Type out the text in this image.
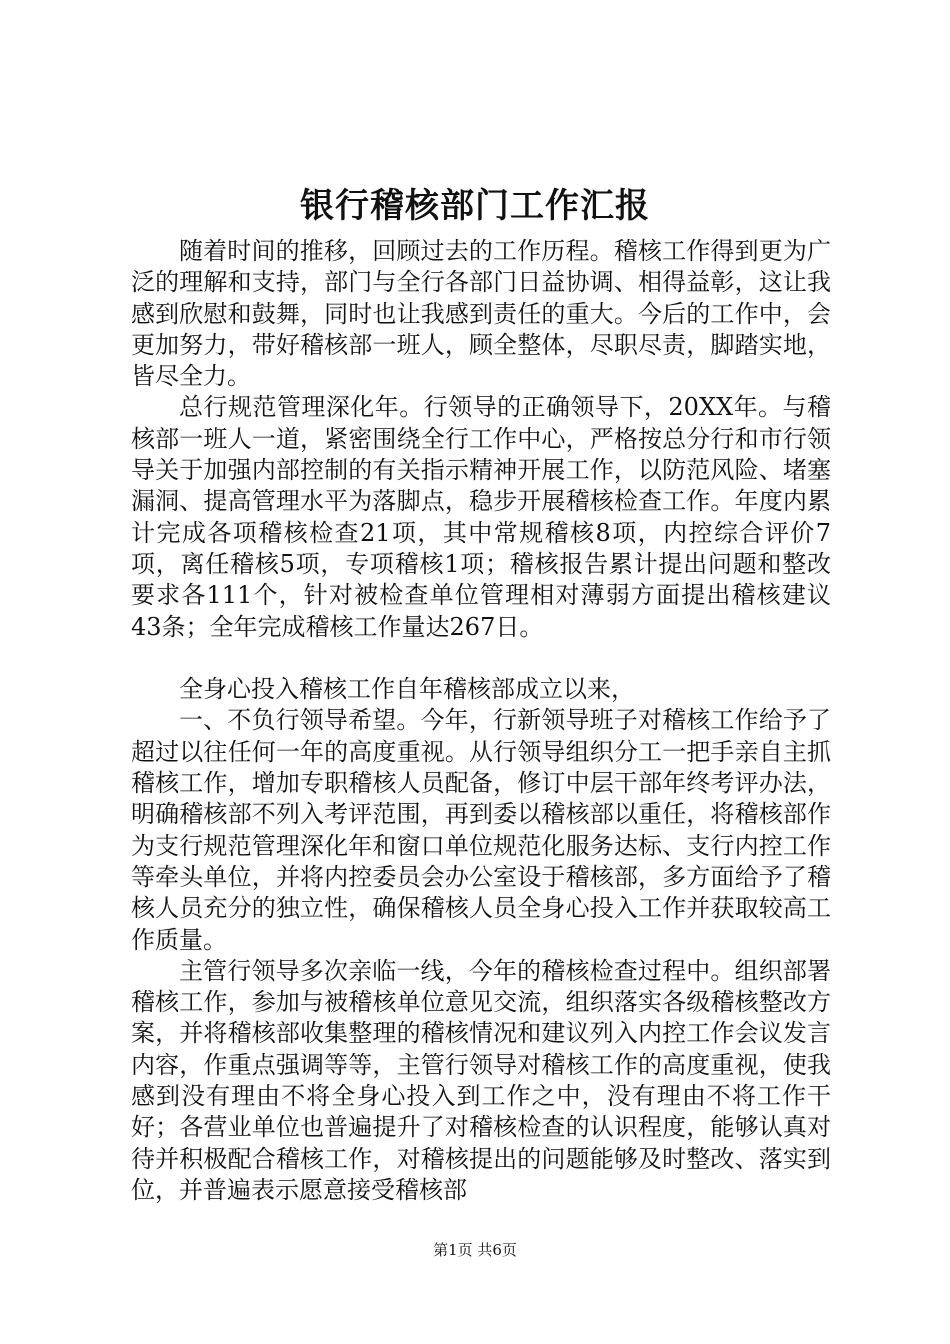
银行稽核部门工作汇报

随着时间的推移，回顾过去的工作历程。稽核工作得到更为广泛的理解和支持，部门与全行各部门日益协调、相得益彰，这让我感到欣慰和鼓舞，同时也让我感到责任的重大。今后的工作中，会更加努力，带好稽核部一班人，顾全整体，尽职尽责，脚踏实地，皆尽全力。

总行规范管理深化年。行领导的正确领导下，20XX年。与稽核部一班人一道，紧密围绕全行工作中心，严格按总分行和市行领导关于加强内部控制的有关指示精神开展工作，以防范风险、堵塞漏洞、提高管理水平为落脚点，稳步开展稽核检查工作。年度内累计完成各项稽核检查21项，其中常规稽核8项，内控综合评价7项，离任稽核5项，专项稽核1项；稽核报告累计提出问题和整改要求各111个，针对被检查单位管理相对薄弱方面提出稽核建议43条；全年完成稽核工作量达267日。

全身心投入稽核工作自年稽核部成立以来，

一、不负行领导希望。今年，行新领导班子对稽核工作给予了超过以往任何一年的高度重视。从行领导组织分工一把手亲自主抓稽核工作，增加专职稽核人员配备，修订中层干部年终考评办法，明确稽核部不列入考评范围，再到委以稽核部以重任，将稽核部作为支行规范管理深化年和窗口单位规范化服务达标、支行内控工作等牵头单位，并将内控委员会办公室设于稽核部，多方面给予了稽核人员充分的独立性，确保稽核人员全身心投入工作并获取较高工作质量。

主管行领导多次亲临一线，今年的稽核检查过程中。组织部署稽核工作，参加与被稽核单位意见交流，组织落实各级稽核整改方案，并将稽核部收集整理的稽核情况和建议列入内控工作会议发言内容，作重点强调等等，主管行领导对稽核工作的高度重视，使我感到没有理由不将全身心投入到工作之中，没有理由不将工作干好；各营业单位也普遍提升了对稽核检查的认识程度，能够认真对待并积极配合稽核工作，对稽核提出的问题能够及时整改、落实到位，并普遍表示愿意接受稽核部

第1页 共6页
